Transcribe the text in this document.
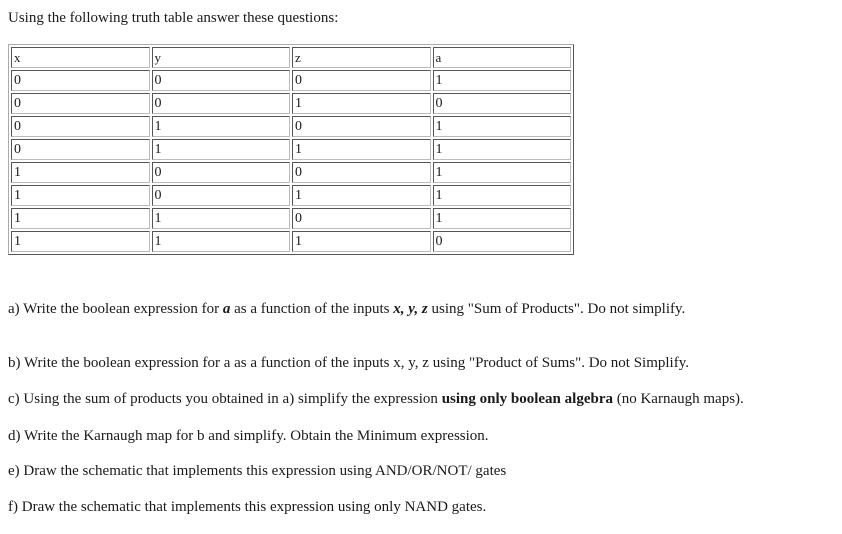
Using the following truth table answer these questions:

x	y	z	a
0	0	0	1
0	0	1	0
0	1	0	1
0	1	1	1
1	0	0	1
1	0	1	1
1	1	0	1
1	1	1	0

a) Write the boolean expression for a as a function of the inputs x, y, z using "Sum of Products". Do not simplify.

b) Write the boolean expression for a as a function of the inputs x, y, z using "Product of Sums". Do not Simplify.

c) Using the sum of products you obtained in a) simplify the expression using only boolean algebra (no Karnaugh maps).

d) Write the Karnaugh map for b and simplify. Obtain the Minimum expression.

e) Draw the schematic that implements this expression using AND/OR/NOT/ gates

f) Draw the schematic that implements this expression using only NAND gates.
